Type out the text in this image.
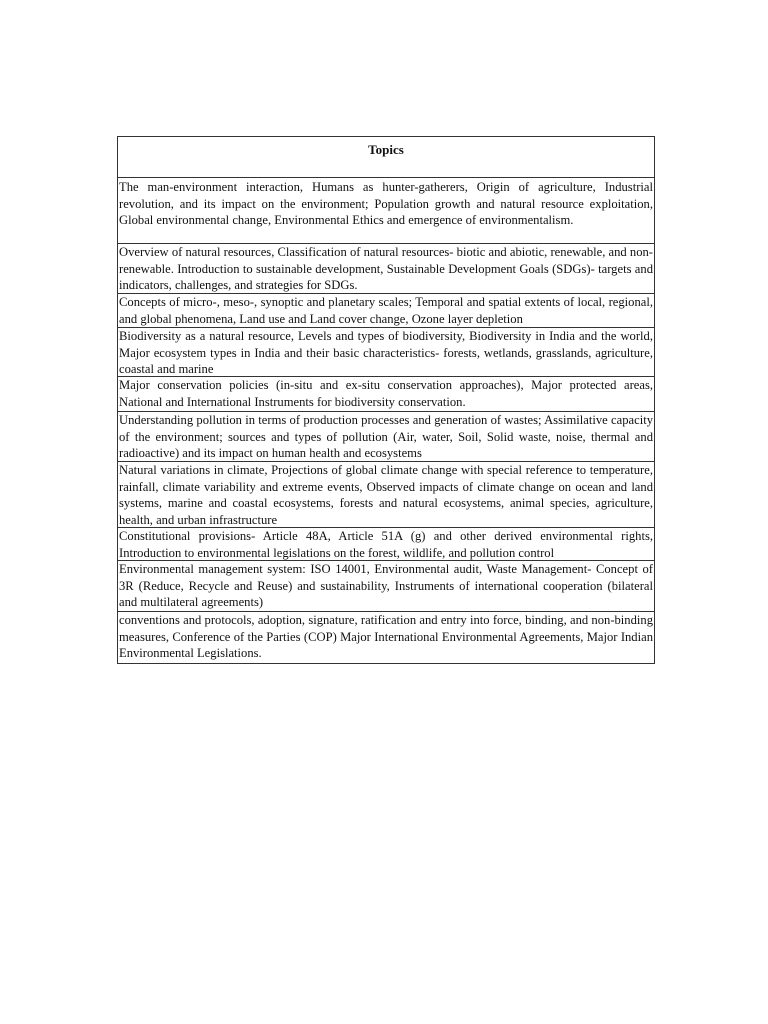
Topics
The man-environment interaction, Humans as hunter-gatherers, Origin of agriculture, Industrial revolution, and its impact on the environment; Population growth and natural resource exploitation, Global environmental change, Environmental Ethics and emergence of environmentalism.
Overview of natural resources, Classification of natural resources- biotic and abiotic, renewable, and non-renewable. Introduction to sustainable development, Sustainable Development Goals (SDGs)- targets and indicators, challenges, and strategies for SDGs.
Concepts of micro-, meso-, synoptic and planetary scales; Temporal and spatial extents of local, regional, and global phenomena, Land use and Land cover change, Ozone layer depletion
Biodiversity as a natural resource, Levels and types of biodiversity, Biodiversity in India and the world, Major ecosystem types in India and their basic characteristics- forests, wetlands, grasslands, agriculture, coastal and marine
Major conservation policies (in-situ and ex-situ conservation approaches), Major protected areas, National and International Instruments for biodiversity conservation.
Understanding pollution in terms of production processes and generation of wastes; Assimilative capacity of the environment; sources and types of pollution (Air, water, Soil, Solid waste, noise, thermal and radioactive) and its impact on human health and ecosystems
Natural variations in climate, Projections of global climate change with special reference to temperature, rainfall, climate variability and extreme events, Observed impacts of climate change on ocean and land systems, marine and coastal ecosystems, forests and natural ecosystems, animal species, agriculture, health, and urban infrastructure
Constitutional provisions- Article 48A, Article 51A (g) and other derived environmental rights, Introduction to environmental legislations on the forest, wildlife, and pollution control
Environmental management system: ISO 14001, Environmental audit, Waste Management- Concept of 3R (Reduce, Recycle and Reuse) and sustainability, Instruments of international cooperation (bilateral and multilateral agreements)
conventions and protocols, adoption, signature, ratification and entry into force, binding, and non-binding measures, Conference of the Parties (COP) Major International Environmental Agreements, Major Indian Environmental Legislations.
